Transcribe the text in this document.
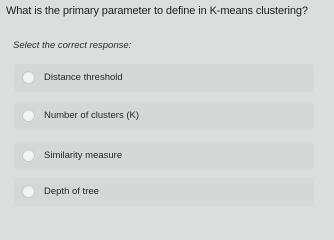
What is the primary parameter to define in K-means clustering?
Select the correct response:
Distance threshold
Number of clusters (K)
Similarity measure
Depth of tree
